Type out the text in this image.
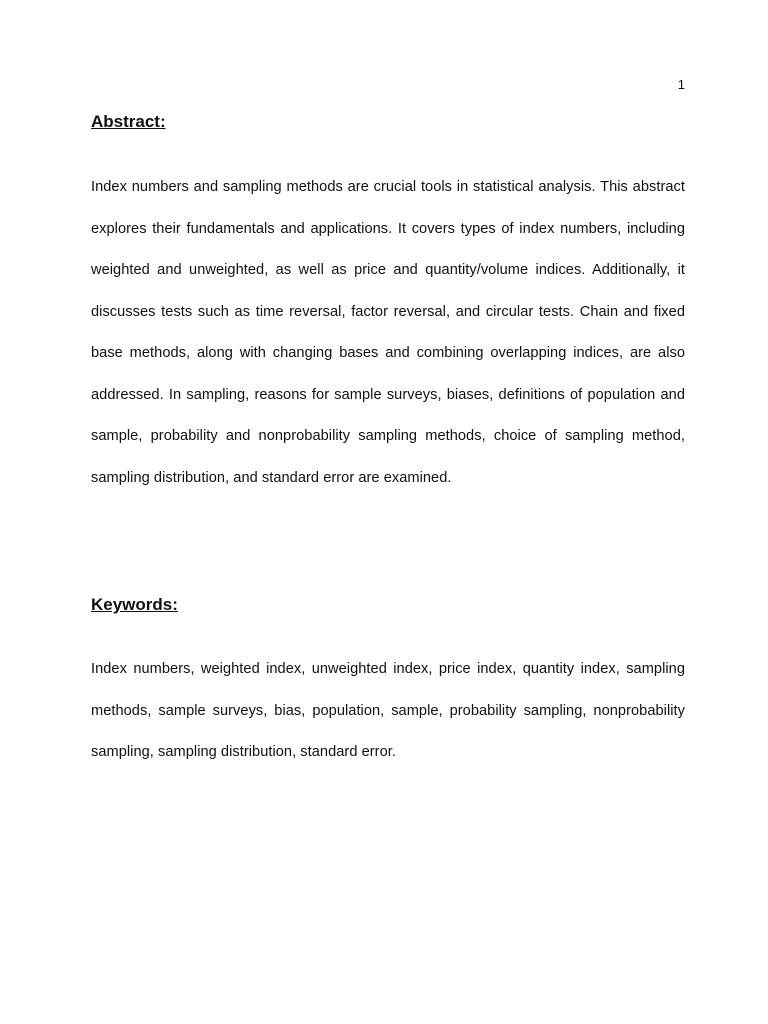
1
Abstract:

Index numbers and sampling methods are crucial tools in statistical analysis. This abstract explores their fundamentals and applications. It covers types of index numbers, including weighted and unweighted, as well as price and quantity/volume indices. Additionally, it discusses tests such as time reversal, factor reversal, and circular tests. Chain and fixed base methods, along with changing bases and combining overlapping indices, are also addressed. In sampling, reasons for sample surveys, biases, definitions of population and sample, probability and nonprobability sampling methods, choice of sampling method, sampling distribution, and standard error are examined.

Keywords:

Index numbers, weighted index, unweighted index, price index, quantity index, sampling methods, sample surveys, bias, population, sample, probability sampling, nonprobability sampling, sampling distribution, standard error.
